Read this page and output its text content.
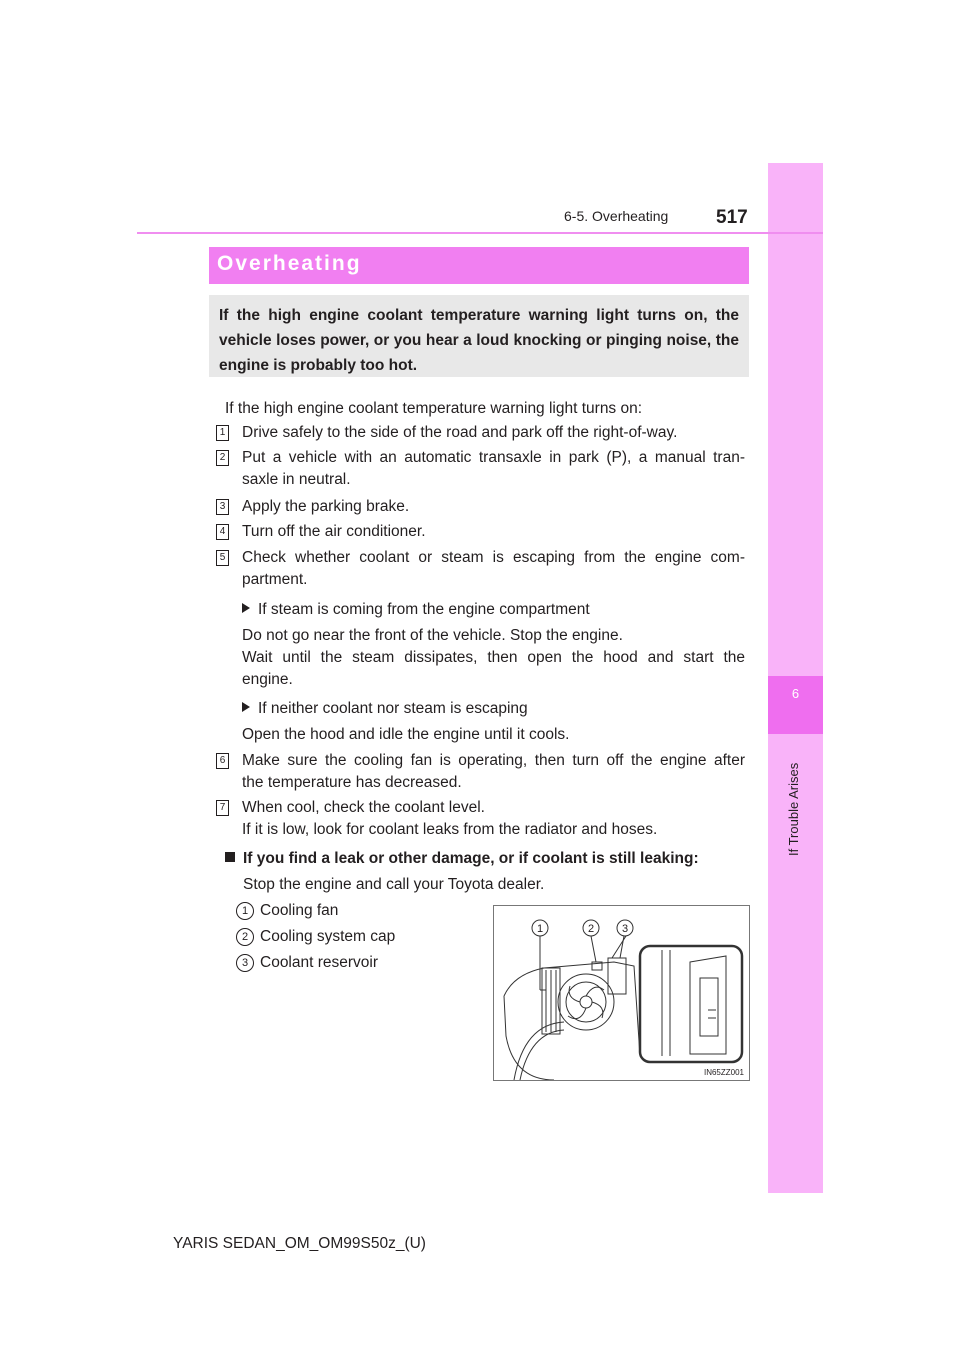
6
If Trouble Arises
6-5. Overheating	517
Overheating
If the high engine coolant temperature warning light turns on, the vehicle loses power, or you hear a loud knocking or pinging noise, the engine is probably too hot.
If the high engine coolant temperature warning light turns on:
1 Drive safely to the side of the road and park off the right-of-way.
2 Put a vehicle with an automatic transaxle in park (P), a manual tran-
saxle in neutral.
3 Apply the parking brake.
4 Turn off the air conditioner.
5 Check whether coolant or steam is escaping from the engine com-
partment.
If steam is coming from the engine compartment
Do not go near the front of the vehicle. Stop the engine.
Wait until the steam dissipates, then open the hood and start the
engine.
If neither coolant nor steam is escaping
Open the hood and idle the engine until it cools.
6 Make sure the cooling fan is operating, then turn off the engine after
the temperature has decreased.
7 When cool, check the coolant level.
If it is low, look for coolant leaks from the radiator and hoses.
If you find a leak or other damage, or if coolant is still leaking:
Stop the engine and call your Toyota dealer.
1 Cooling fan
2 Cooling system cap
3 Coolant reservoir
1	2	3
IN65ZZ001
YARIS SEDAN_OM_OM99S50z_(U)
